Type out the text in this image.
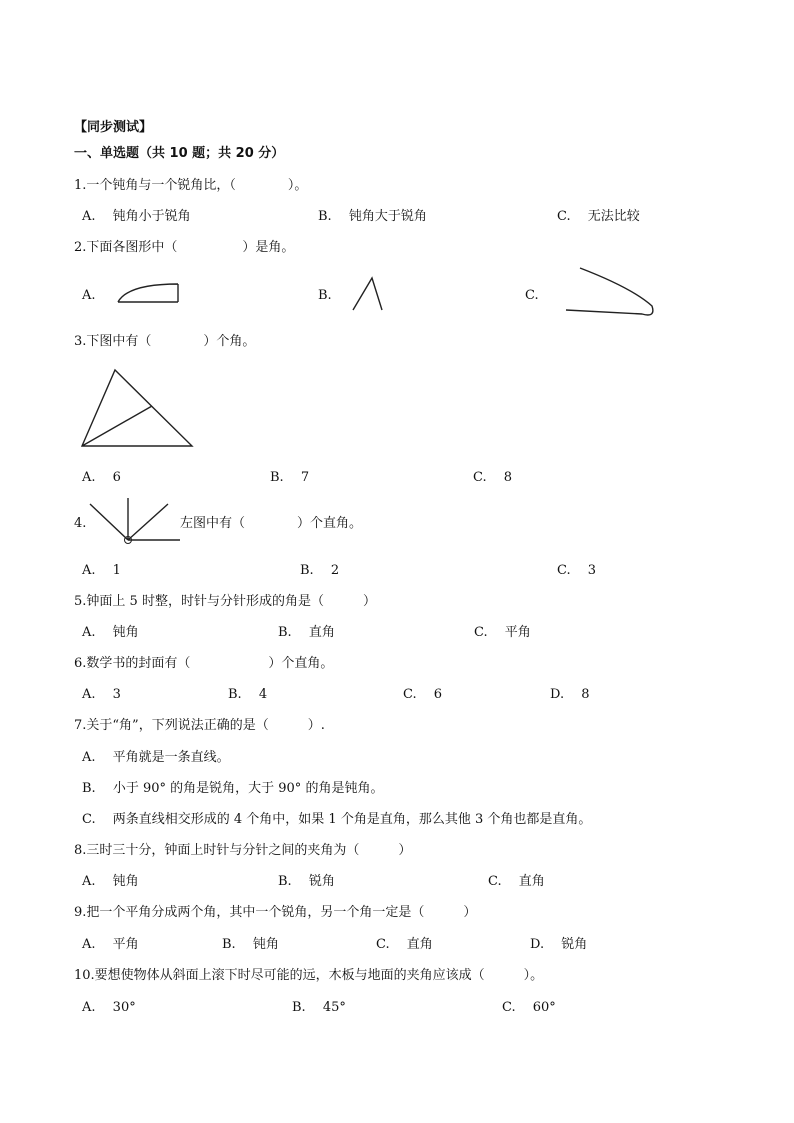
【同步测试】
一、单选题（共 10 题；共 20 分）
1.一个钝角与一个锐角比，（　　　　）。
A.　 钝角小于锐角	B.　 钝角大于锐角	C.　 无法比较
2.下面各图形中（　　　　　）是角。
A.	B.	C.
3.下图中有（　　　　）个角。
A.　 6	B.　 7	C.　 8
4.	左图中有（　　　　）个直角。
A.　 1	B.　 2	C.　 3
5.钟面上 5 时整，时针与分针形成的角是（　　　）
A.　 钝角	B.　 直角	C.　 平角
6.数学书的封面有（　　　　　　）个直角。
A.　 3	B.　 4	C.　 6	D.　 8
7.关于“角”，下列说法正确的是（　　　）.
A.　 平角就是一条直线。
B.　 小于 90° 的角是锐角，大于 90° 的角是钝角。
C.　 两条直线相交形成的 4 个角中，如果 1 个角是直角，那么其他 3 个角也都是直角。
8.三时三十分，钟面上时针与分针之间的夹角为（　　　）
A.　 钝角	B.　 锐角	C.　 直角
9.把一个平角分成两个角，其中一个锐角，另一个角一定是（　　　）
A.　 平角	B.　 钝角	C.　 直角	D.　 锐角
10.要想使物体从斜面上滚下时尽可能的远，木板与地面的夹角应该成（　　　）。
A.　 30°	B.　 45°	C.　 60°
